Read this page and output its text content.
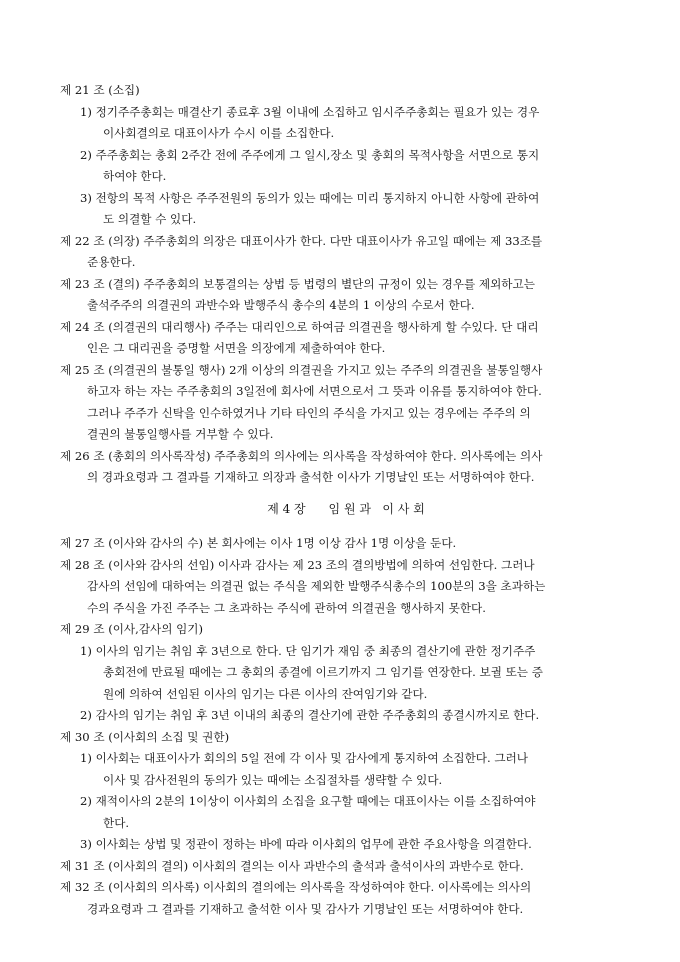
제 21 조 (소집)
1) 정기주주총회는 매결산기 종료후 3월 이내에 소집하고 임시주주총회는 필요가 있는 경우
이사회결의로 대표이사가 수시 이를 소집한다.
2) 주주총회는 총회 2주간 전에 주주에게 그 일시,장소 및 총회의 목적사항을 서면으로 통지
하여야 한다.
3) 전항의 목적 사항은 주주전원의 동의가 있는 때에는 미리 통지하지 아니한 사항에 관하여
도 의결할 수 있다.
제 22 조 (의장) 주주총회의 의장은 대표이사가 한다. 다만 대표이사가 유고일 때에는 제 33조를
준용한다.
제 23 조 (결의) 주주총회의 보통결의는 상법 등 법령의 별단의 규정이 있는 경우를 제외하고는
출석주주의 의결권의 과반수와 발행주식 총수의 4분의 1 이상의 수로서 한다.
제 24 조 (의결권의 대리행사) 주주는 대리인으로 하여금 의결권을 행사하게 할 수있다. 단 대리
인은 그 대리권을 증명할 서면을 의장에게 제출하여야 한다.
제 25 조 (의결권의 불통일 행사) 2개 이상의 의결권을 가지고 있는 주주의 의결권을 불통일행사
하고자 하는 자는 주주총회의 3일전에 회사에 서면으로서 그 뜻과 이유를 통지하여야 한다.
그러나 주주가 신탁을 인수하였거나 기타 타인의 주식을 가지고 있는 경우에는 주주의 의
결권의 불통일행사를 거부할 수 있다.
제 26 조 (총회의 의사록작성) 주주총회의 의사에는 의사록을 작성하여야 한다. 의사록에는 의사
의 경과요령과 그 결과를 기재하고 의장과 출석한 이사가 기명날인 또는 서명하여야 한다.
제 4 장      임 원 과   이 사 회
제 27 조 (이사와 감사의 수) 본 회사에는 이사 1명 이상 감사 1명 이상을 둔다.
제 28 조 (이사와 감사의 선임) 이사과 감사는 제 23 조의 결의방법에 의하여 선임한다. 그러나
감사의 선임에 대하여는 의결권 없는 주식을 제외한 발행주식총수의 100분의 3을 초과하는
수의 주식을 가진 주주는 그 초과하는 주식에 관하여 의결권을 행사하지 못한다.
제 29 조 (이사,감사의 임기)
1) 이사의 임기는 취임 후 3년으로 한다. 단 임기가 재임 중 최종의 결산기에 관한 정기주주
총회전에 만료될 때에는 그 총회의 종결에 이르기까지 그 임기를 연장한다. 보궐 또는 증
원에 의하여 선임된 이사의 임기는 다른 이사의 잔여임기와 같다.
2) 감사의 임기는 취임 후 3년 이내의 최종의 결산기에 관한 주주총회의 종결시까지로 한다.
제 30 조 (이사회의 소집 및 권한)
1) 이사회는 대표이사가 회의의 5일 전에 각 이사 및 감사에게 통지하여 소집한다. 그러나
이사 및 감사전원의 동의가 있는 때에는 소집절차를 생략할 수 있다.
2) 재적이사의 2분의 1이상이 이사회의 소집을 요구할 때에는 대표이사는 이를 소집하여야
한다.
3) 이사회는 상법 및 정관이 정하는 바에 따라 이사회의 업무에 관한 주요사항을 의결한다.
제 31 조 (이사회의 결의) 이사회의 결의는 이사 과반수의 출석과 출석이사의 과반수로 한다.
제 32 조 (이사회의 의사록) 이사회의 결의에는 의사록을 작성하여야 한다. 이사록에는 의사의
경과요령과 그 결과를 기재하고 출석한 이사 및 감사가 기명날인 또는 서명하여야 한다.
